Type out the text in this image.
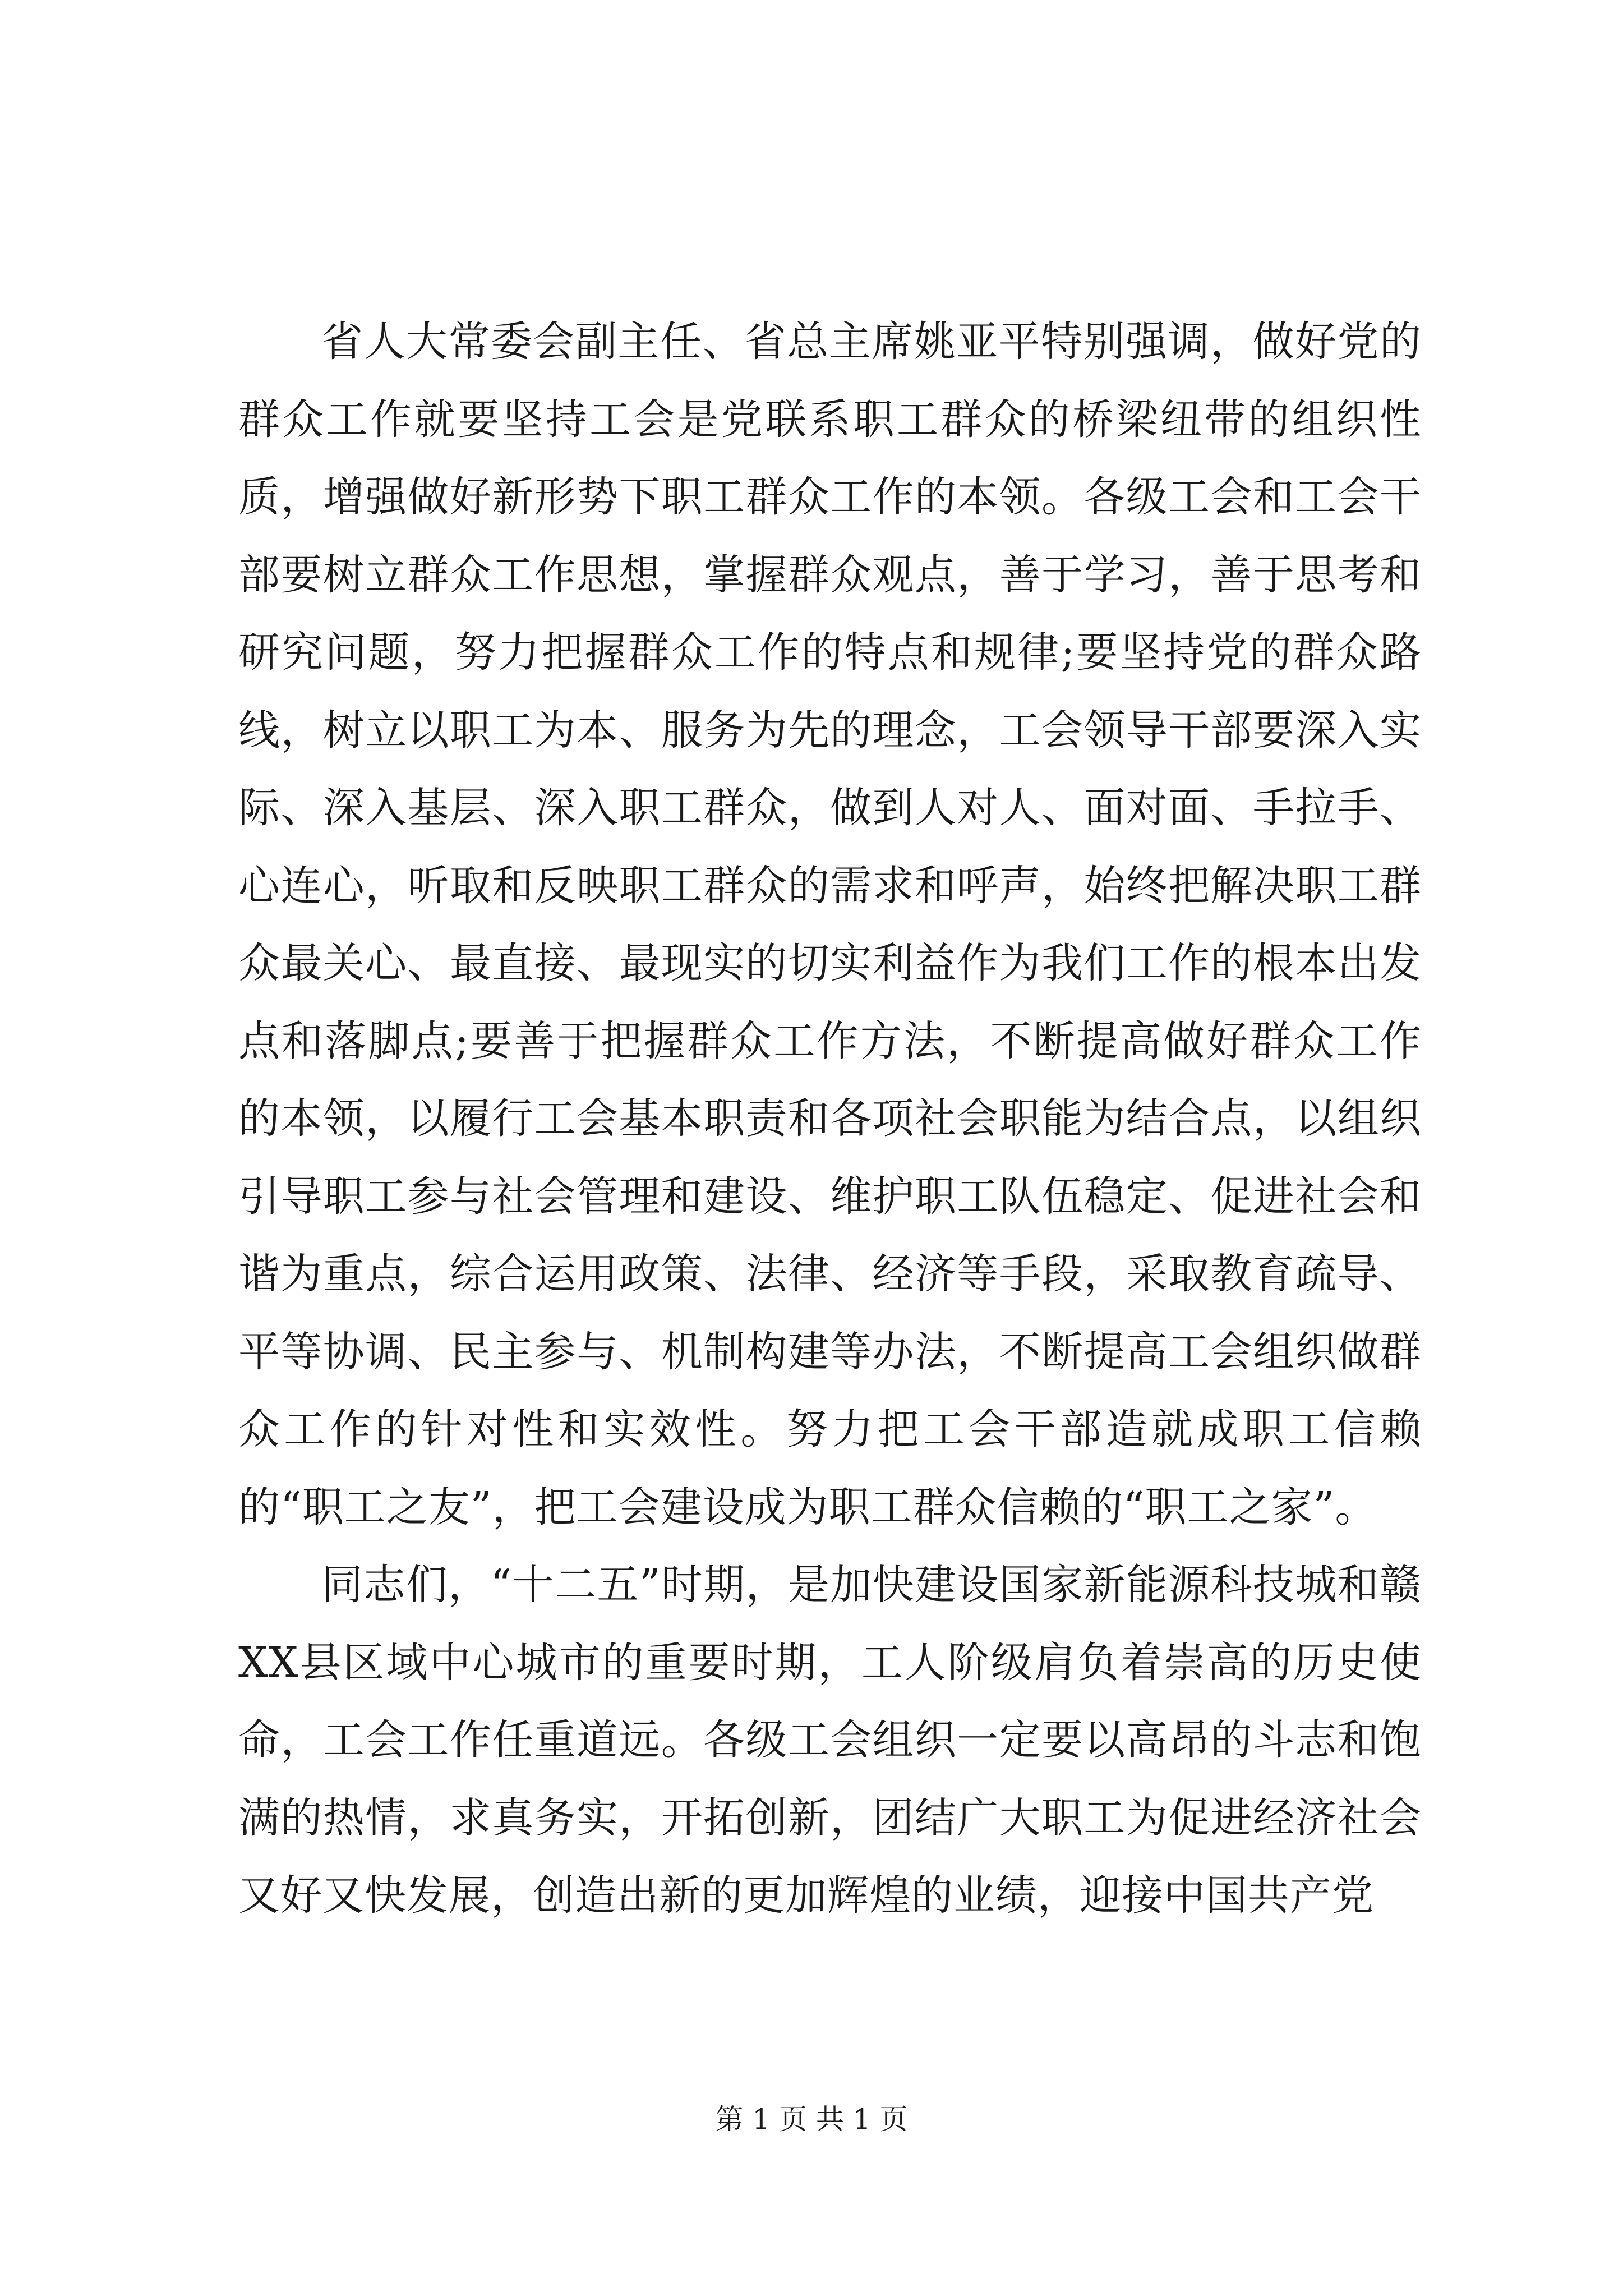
省人大常委会副主任、省总主席姚亚平特别强调，做好党的群众工作就要坚持工会是党联系职工群众的桥梁纽带的组织性质，增强做好新形势下职工群众工作的本领。各级工会和工会干部要树立群众工作思想，掌握群众观点，善于学习，善于思考和研究问题，努力把握群众工作的特点和规律;要坚持党的群众路线，树立以职工为本、服务为先的理念，工会领导干部要深入实际、深入基层、深入职工群众，做到人对人、面对面、手拉手、心连心，听取和反映职工群众的需求和呼声，始终把解决职工群众最关心、最直接、最现实的切实利益作为我们工作的根本出发点和落脚点;要善于把握群众工作方法，不断提高做好群众工作的本领，以履行工会基本职责和各项社会职能为结合点，以组织引导职工参与社会管理和建设、维护职工队伍稳定、促进社会和谐为重点，综合运用政策、法律、经济等手段，采取教育疏导、平等协调、民主参与、机制构建等办法，不断提高工会组织做群众工作的针对性和实效性。努力把工会干部造就成职工信赖的“职工之友”，把工会建设成为职工群众信赖的“职工之家”。

同志们，“十二五”时期，是加快建设国家新能源科技城和赣XX县区域中心城市的重要时期，工人阶级肩负着崇高的历史使命，工会工作任重道远。各级工会组织一定要以高昂的斗志和饱满的热情，求真务实，开拓创新，团结广大职工为促进经济社会又好又快发展，创造出新的更加辉煌的业绩，迎接中国共产党

第 1 页 共 1 页
